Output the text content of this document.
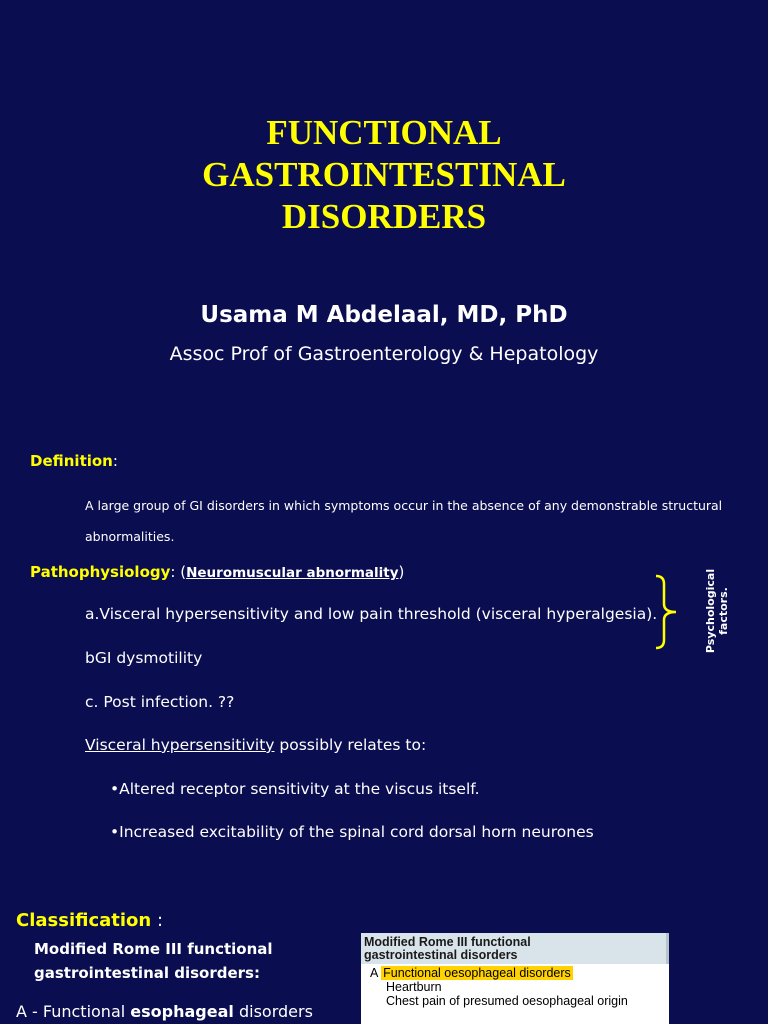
FUNCTIONAL
GASTROINTESTINAL
DISORDERS
Usama M Abdelaal, MD, PhD
Assoc Prof of Gastroenterology & Hepatology
Definition:
A large group of GI disorders in which symptoms occur in the absence of any demonstrable structural abnormalities.
Pathophysiology: (Neuromuscular abnormality)
a.Visceral hypersensitivity and low pain threshold (visceral hyperalgesia).
bGI dysmotility
c. Post infection. ??
Visceral hypersensitivity possibly relates to:
•Altered receptor sensitivity at the viscus itself.
•Increased excitability of the spinal cord dorsal horn neurones
Psychological factors.
Classification :
Modified Rome III functional
gastrointestinal disorders:
A - Functional esophageal disorders
Modified Rome III functional
gastrointestinal disorders
A Functional oesophageal disorders
Heartburn
Chest pain of presumed oesophageal origin
